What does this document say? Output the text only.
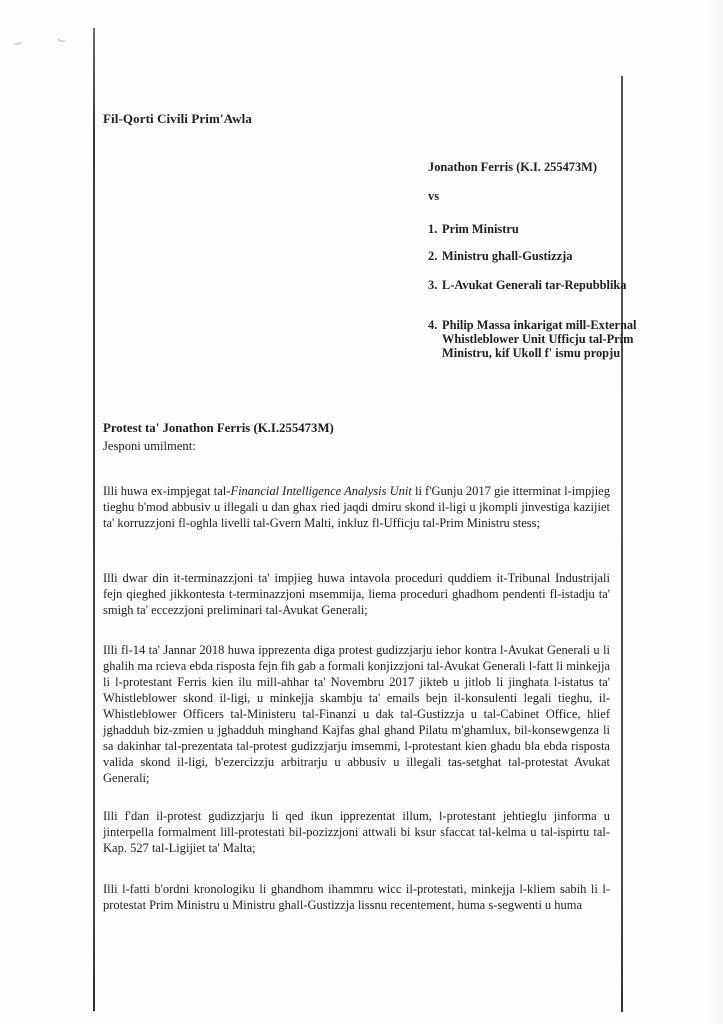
Fil-Qorti Civili Prim'Awla
Jonathon Ferris (K.I. 255473M)
vs
1. Prim Ministru
2. Ministru ghall-Gustizzja
3. L-Avukat Generali tar-Repubblika
4. Philip Massa inkarigat mill-External Whistleblower Unit Ufficju tal-Prim Ministru, kif Ukoll f' ismu propju
Protest ta' Jonathon Ferris (K.I.255473M)
Jesponi umilment:
Illi huwa ex-impjegat tal-Financial Intelligence Analysis Unit li f'Gunju 2017 gie itterminat l-impjieg tieghu b'mod abbusiv u illegali u dan ghax ried jaqdi dmiru skond il-ligi u jkompli jinvestiga kazijiet ta' korruzzjoni fl-oghla livelli tal-Gvern Malti, inkluz fl-Ufficju tal-Prim Ministru stess;
Illi dwar din it-terminazzjoni ta' impjieg huwa intavola proceduri quddiem it-Tribunal Industrijali fejn qieghed jikkontesta t-terminazzjoni msemmija, liema proceduri ghadhom pendenti fl-istadju ta' smigh ta' eccezzjoni preliminari tal-Avukat Generali;
Illi fl-14 ta' Jannar 2018 huwa ipprezenta diga protest gudizzjarju iehor kontra l-Avukat Generali u li ghalih ma rcieva ebda risposta fejn fih gab a formali konjizzjoni tal-Avukat Generali l-fatt li minkejja li l-protestant Ferris kien ilu mill-ahhar ta' Novembru 2017 jikteb u jitlob li jinghata l-istatus ta' Whistleblower skond il-ligi, u minkejja skambju ta' emails bejn il-konsulenti legali tieghu, il-Whistleblower Officers tal-Ministeru tal-Finanzi u dak tal-Gustizzja u tal-Cabinet Office, hlief jghadduh biz-zmien u jghadduh minghand Kajfas ghal ghand Pilatu m'ghamlux, bil-konsewgenza li sa dakinhar tal-prezentata tal-protest gudizzjarju imsemmi, l-protestant kien ghadu bla ebda risposta valida skond il-ligi, b'ezercizzju arbitrarju u abbusiv u illegali tas-setghat tal-protestat Avukat Generali;
Illi f'dan il-protest gudizzjarju li qed ikun ipprezentat illum, l-protestant jehtieglu jinforma u jinterpella formalment lill-protestati bil-pozizzjoni attwali bi ksur sfaccat tal-kelma u tal-ispirtu tal-Kap. 527 tal-Ligijiet ta' Malta;
Illi l-fatti b'ordni kronologiku li ghandhom ihammru wicc il-protestati, minkejja l-kliem sabih li l-protestat Prim Ministru u Ministru ghall-Gustizzja lissnu recentement, huma s-segwenti u huma
